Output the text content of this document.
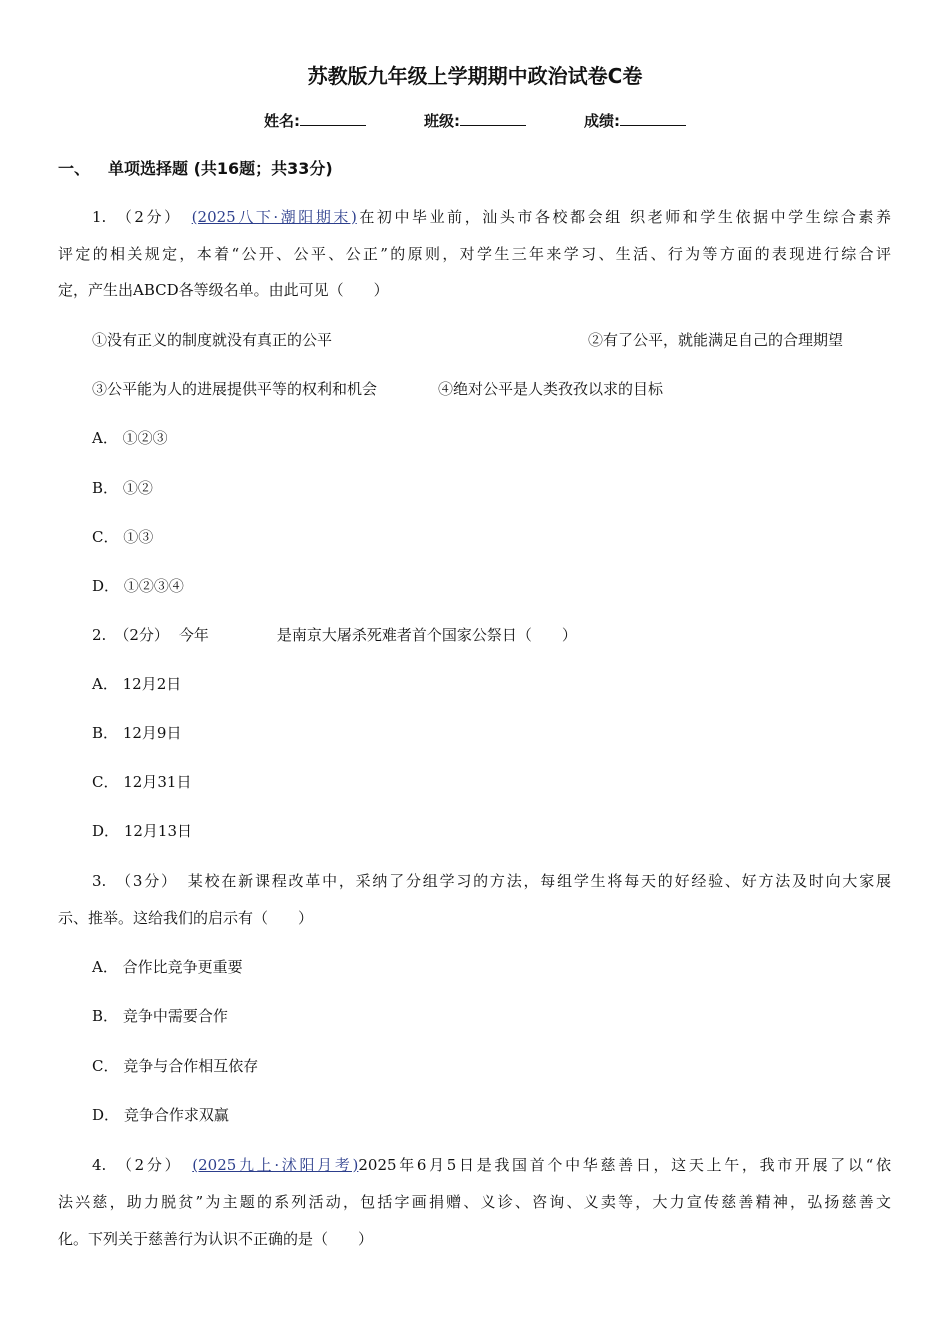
苏教版九年级上学期期中政治试卷C卷
姓名:	班级:	成绩:
一、 单项选择题 (共16题；共33分)
1. （2分） (2025八下·潮阳期末)在初中毕业前，汕头市各校都会组 织老师和学生依据中学生综合素养
评定的相关规定，本着“公开、公平、公正”的原则，对学生三年来学习、生活、行为等方面的表现进行综合评
定，产生出ABCD各等级名单。由此可见（　　）
①没有正义的制度就没有真正的公平	②有了公平，就能满足自己的合理期望
③公平能为人的进展提供平等的权利和机会	④绝对公平是人类孜孜以求的目标
A． ①②③
B． ①②
C． ①③
D． ①②③④
2. （2分） 今年	是南京大屠杀死难者首个国家公祭日（　　）
A． 12月2日
B． 12月9日
C． 12月31日
D． 12月13日
3. （3分） 某校在新课程改革中，采纳了分组学习的方法，每组学生将每天的好经验、好方法及时向大家展
示、推举。这给我们的启示有（　　）
A． 合作比竞争更重要
B． 竞争中需要合作
C． 竞争与合作相互依存
D． 竞争合作求双赢
4. （2分） (2025九上·沭阳月考)2025年6月5日是我国首个中华慈善日，这天上午，我市开展了以“依
法兴慈，助力脱贫”为主题的系列活动，包括字画捐赠、义诊、咨询、义卖等，大力宣传慈善精神，弘扬慈善文
化。下列关于慈善行为认识不正确的是（　　）
